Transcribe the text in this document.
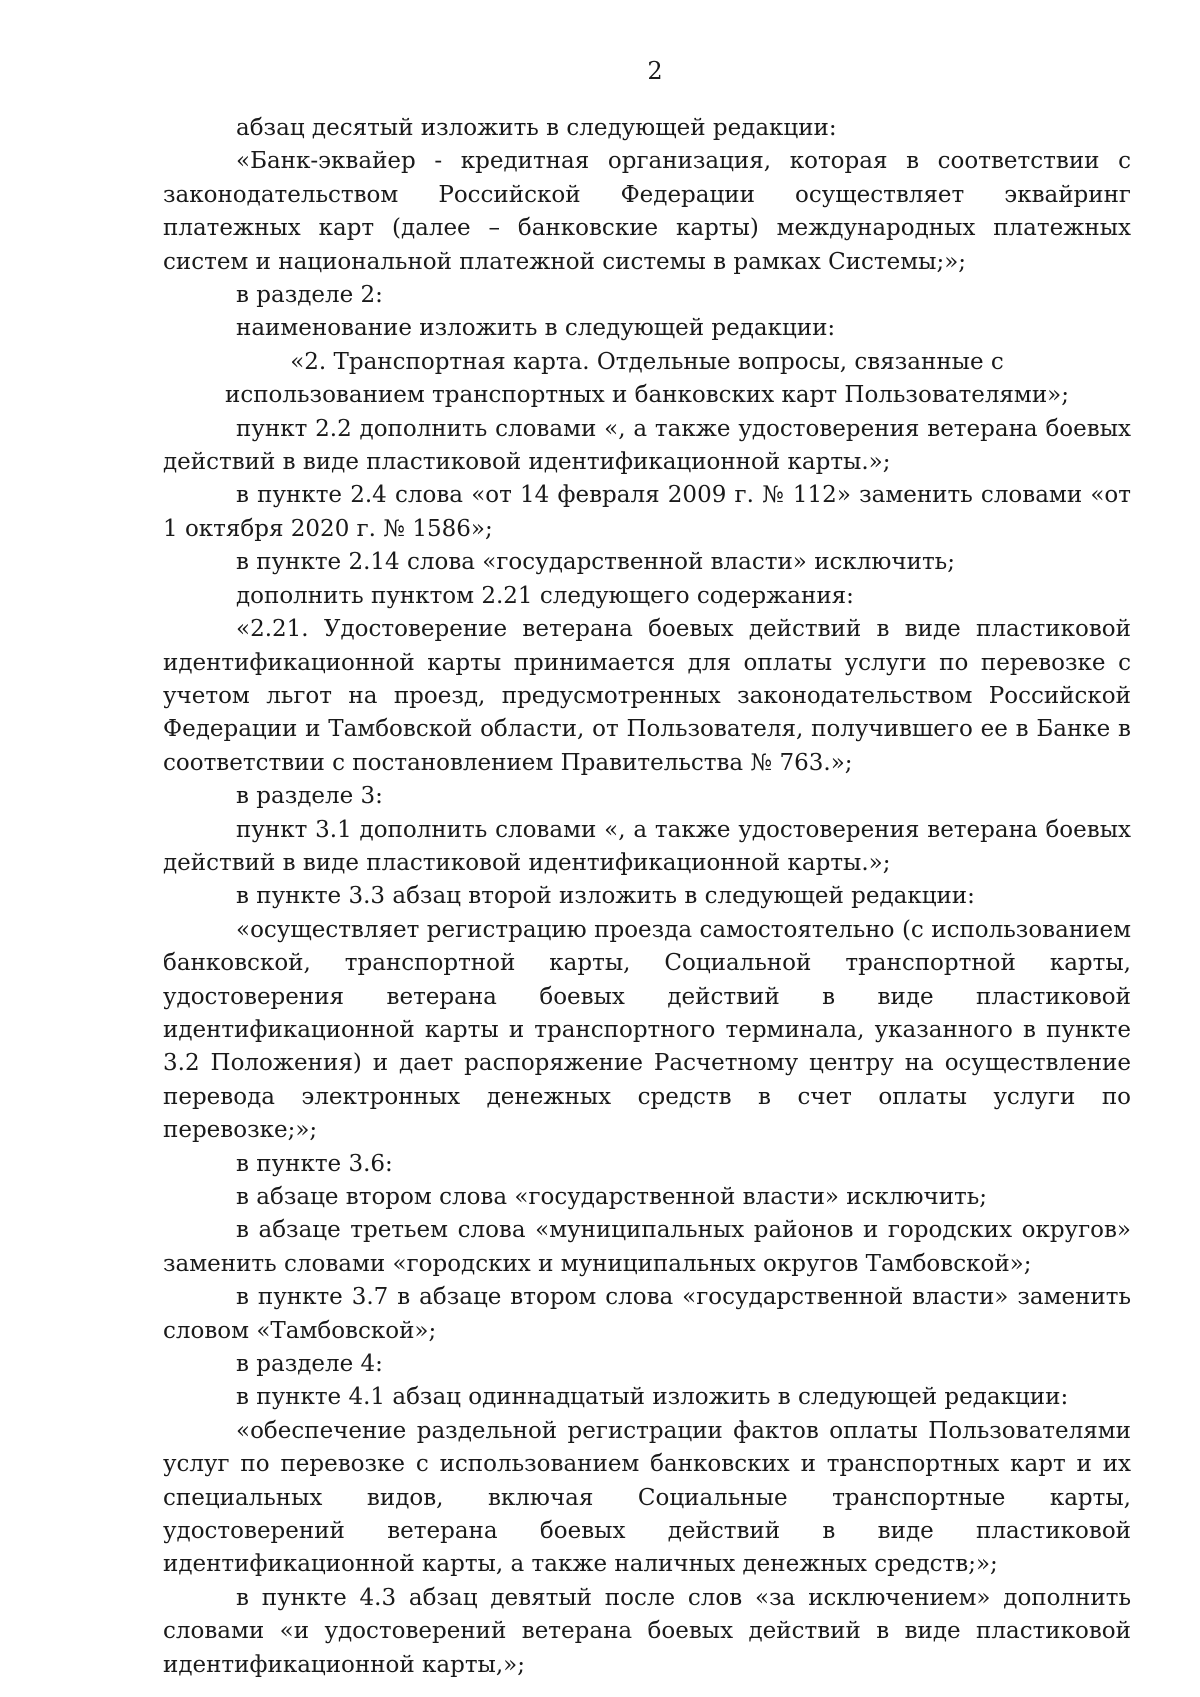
2

абзац десятый изложить в следующей редакции:

«Банк-эквайер - кредитная организация, которая в соответствии с законодательством Российской Федерации осуществляет эквайринг платежных карт (далее – банковские карты) международных платежных систем и национальной платежной системы в рамках Системы;»;

в разделе 2:

наименование изложить в следующей редакции:

«2. Транспортная карта. Отдельные вопросы, связанные с
использованием транспортных и банковских карт Пользователями»;

пункт 2.2 дополнить словами «, а также удостоверения ветерана боевых действий в виде пластиковой идентификационной карты.»;

в пункте 2.4 слова «от 14 февраля 2009 г. № 112» заменить словами «от 1 октября 2020 г. № 1586»;

в пункте 2.14 слова «государственной власти» исключить;

дополнить пунктом 2.21 следующего содержания:

«2.21. Удостоверение ветерана боевых действий в виде пластиковой идентификационной карты принимается для оплаты услуги по перевозке с учетом льгот на проезд, предусмотренных законодательством Российской Федерации и Тамбовской области, от Пользователя, получившего ее в Банке в соответствии с постановлением Правительства № 763.»;

в разделе 3:

пункт 3.1 дополнить словами «, а также удостоверения ветерана боевых действий в виде пластиковой идентификационной карты.»;

в пункте 3.3 абзац второй изложить в следующей редакции:

«осуществляет регистрацию проезда самостоятельно (с использованием банковской, транспортной карты, Социальной транспортной карты, удостоверения ветерана боевых действий в виде пластиковой идентификационной карты и транспортного терминала, указанного в пункте 3.2 Положения) и дает распоряжение Расчетному центру на осуществление перевода электронных денежных средств в счет оплаты услуги по перевозке;»;

в пункте 3.6:

в абзаце втором слова «государственной власти» исключить;

в абзаце третьем слова «муниципальных районов и городских округов» заменить словами «городских и муниципальных округов Тамбовской»;

в пункте 3.7 в абзаце втором слова «государственной власти» заменить словом «Тамбовской»;

в разделе 4:

в пункте 4.1 абзац одиннадцатый изложить в следующей редакции:

«обеспечение раздельной регистрации фактов оплаты Пользователями услуг по перевозке с использованием банковских и транспортных карт и их специальных видов, включая Социальные транспортные карты, удостоверений ветерана боевых действий в виде пластиковой идентификационной карты, а также наличных денежных средств;»;

в пункте 4.3 абзац девятый после слов «за исключением» дополнить словами «и удостоверений ветерана боевых действий в виде пластиковой идентификационной карты,»;
